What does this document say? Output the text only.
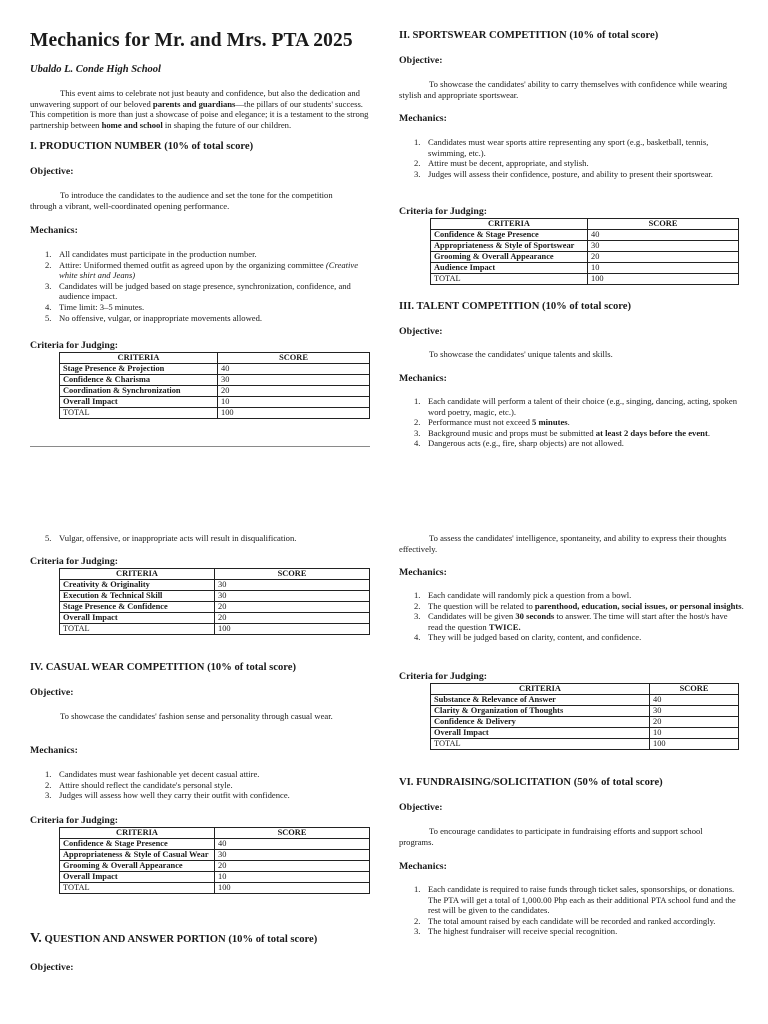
Mechanics for Mr. and Mrs. PTA 2025
Ubaldo L. Conde High School
This event aims to celebrate not just beauty and confidence, but also the dedication and unwavering support of our beloved parents and guardians—the pillars of our students' success. This competition is more than just a showcase of poise and elegance; it is a testament to the strong partnership between home and school in shaping the future of our children.
I. PRODUCTION NUMBER (10% of total score)
Objective:
To introduce the candidates to the audience and set the tone for the competition through a vibrant, well-coordinated opening performance.
Mechanics:
1. All candidates must participate in the production number.
2. Attire: Uniformed themed outfit as agreed upon by the organizing committee (Creative white shirt and Jeans)
3. Candidates will be judged based on stage presence, synchronization, confidence, and audience impact.
4. Time limit: 3–5 minutes.
5. No offensive, vulgar, or inappropriate movements allowed.
Criteria for Judging:
CRITERIA	SCORE
Stage Presence & Projection	40
Confidence & Charisma	30
Coordination & Synchronization	20
Overall Impact	10
TOTAL	100
II. SPORTSWEAR COMPETITION (10% of total score)
Objective:
To showcase the candidates' ability to carry themselves with confidence while wearing stylish and appropriate sportswear.
Mechanics:
1. Candidates must wear sports attire representing any sport (e.g., basketball, tennis, swimming, etc.).
2. Attire must be decent, appropriate, and stylish.
3. Judges will assess their confidence, posture, and ability to present their sportswear.
Criteria for Judging:
CRITERIA	SCORE
Confidence & Stage Presence	40
Appropriateness & Style of Sportswear	30
Grooming & Overall Appearance	20
Audience Impact	10
TOTAL	100
III. TALENT COMPETITION (10% of total score)
Objective:
To showcase the candidates' unique talents and skills.
Mechanics:
1. Each candidate will perform a talent of their choice (e.g., singing, dancing, acting, spoken word poetry, magic, etc.).
2. Performance must not exceed 5 minutes.
3. Background music and props must be submitted at least 2 days before the event.
4. Dangerous acts (e.g., fire, sharp objects) are not allowed.
5. Vulgar, offensive, or inappropriate acts will result in disqualification.
Criteria for Judging:
CRITERIA	SCORE
Creativity & Originality	30
Execution & Technical Skill	30
Stage Presence & Confidence	20
Overall Impact	20
TOTAL	100
IV. CASUAL WEAR COMPETITION (10% of total score)
Objective:
To showcase the candidates' fashion sense and personality through casual wear.
Mechanics:
1. Candidates must wear fashionable yet decent casual attire.
2. Attire should reflect the candidate's personal style.
3. Judges will assess how well they carry their outfit with confidence.
Criteria for Judging:
CRITERIA	SCORE
Confidence & Stage Presence	40
Appropriateness & Style of Casual Wear	30
Grooming & Overall Appearance	20
Overall Impact	10
TOTAL	100
V. QUESTION AND ANSWER PORTION (10% of total score)
Objective:
To assess the candidates' intelligence, spontaneity, and ability to express their thoughts effectively.
Mechanics:
1. Each candidate will randomly pick a question from a bowl.
2. The question will be related to parenthood, education, social issues, or personal insights.
3. Candidates will be given 30 seconds to answer. The time will start after the host/s have read the question TWICE.
4. They will be judged based on clarity, content, and confidence.
Criteria for Judging:
CRITERIA	SCORE
Substance & Relevance of Answer	40
Clarity & Organization of Thoughts	30
Confidence & Delivery	20
Overall Impact	10
TOTAL	100
VI. FUNDRAISING/SOLICITATION (50% of total score)
Objective:
To encourage candidates to participate in fundraising efforts and support school programs.
Mechanics:
1. Each candidate is required to raise funds through ticket sales, sponsorships, or donations. The PTA will get a total of 1,000.00 Php each as their additional PTA school fund and the rest will be given to the candidates.
2. The total amount raised by each candidate will be recorded and ranked accordingly.
3. The highest fundraiser will receive special recognition.
